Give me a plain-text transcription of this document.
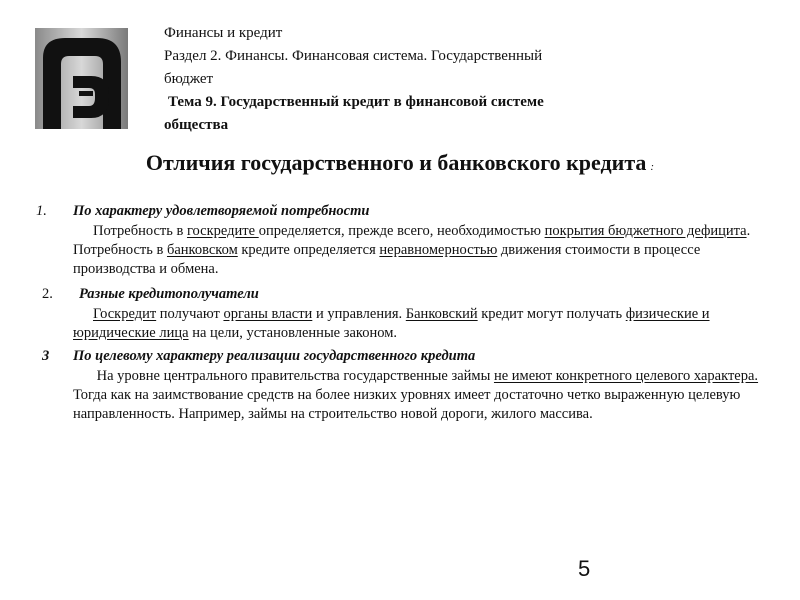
Финансы и кредит
Раздел 2. Финансы. Финансовая система. Государственный
бюджет
Тема 9. Государственный кредит в финансовой системе
общества
Отличия государственного и банковского кредита :
1. По характеру удовлетворяемой потребности
Потребность в госкредите определяется, прежде всего, необходимостью покрытия бюджетного дефицита. Потребность в банковском кредите определяется неравномерностью движения стоимости в процессе производства и обмена.
2. Разные кредитополучатели
Госкредит получают органы власти и управления. Банковский кредит могут получать физические и юридические лица на цели, установленные законом.
3 По целевому характеру реализации государственного кредита
На уровне центрального правительства государственные займы не имеют конкретного целевого характера. Тогда как на заимствование средств на более низких уровнях имеет достаточно четко выраженную целевую направленность. Например, займы на строительство новой дороги, жилого массива.
5
